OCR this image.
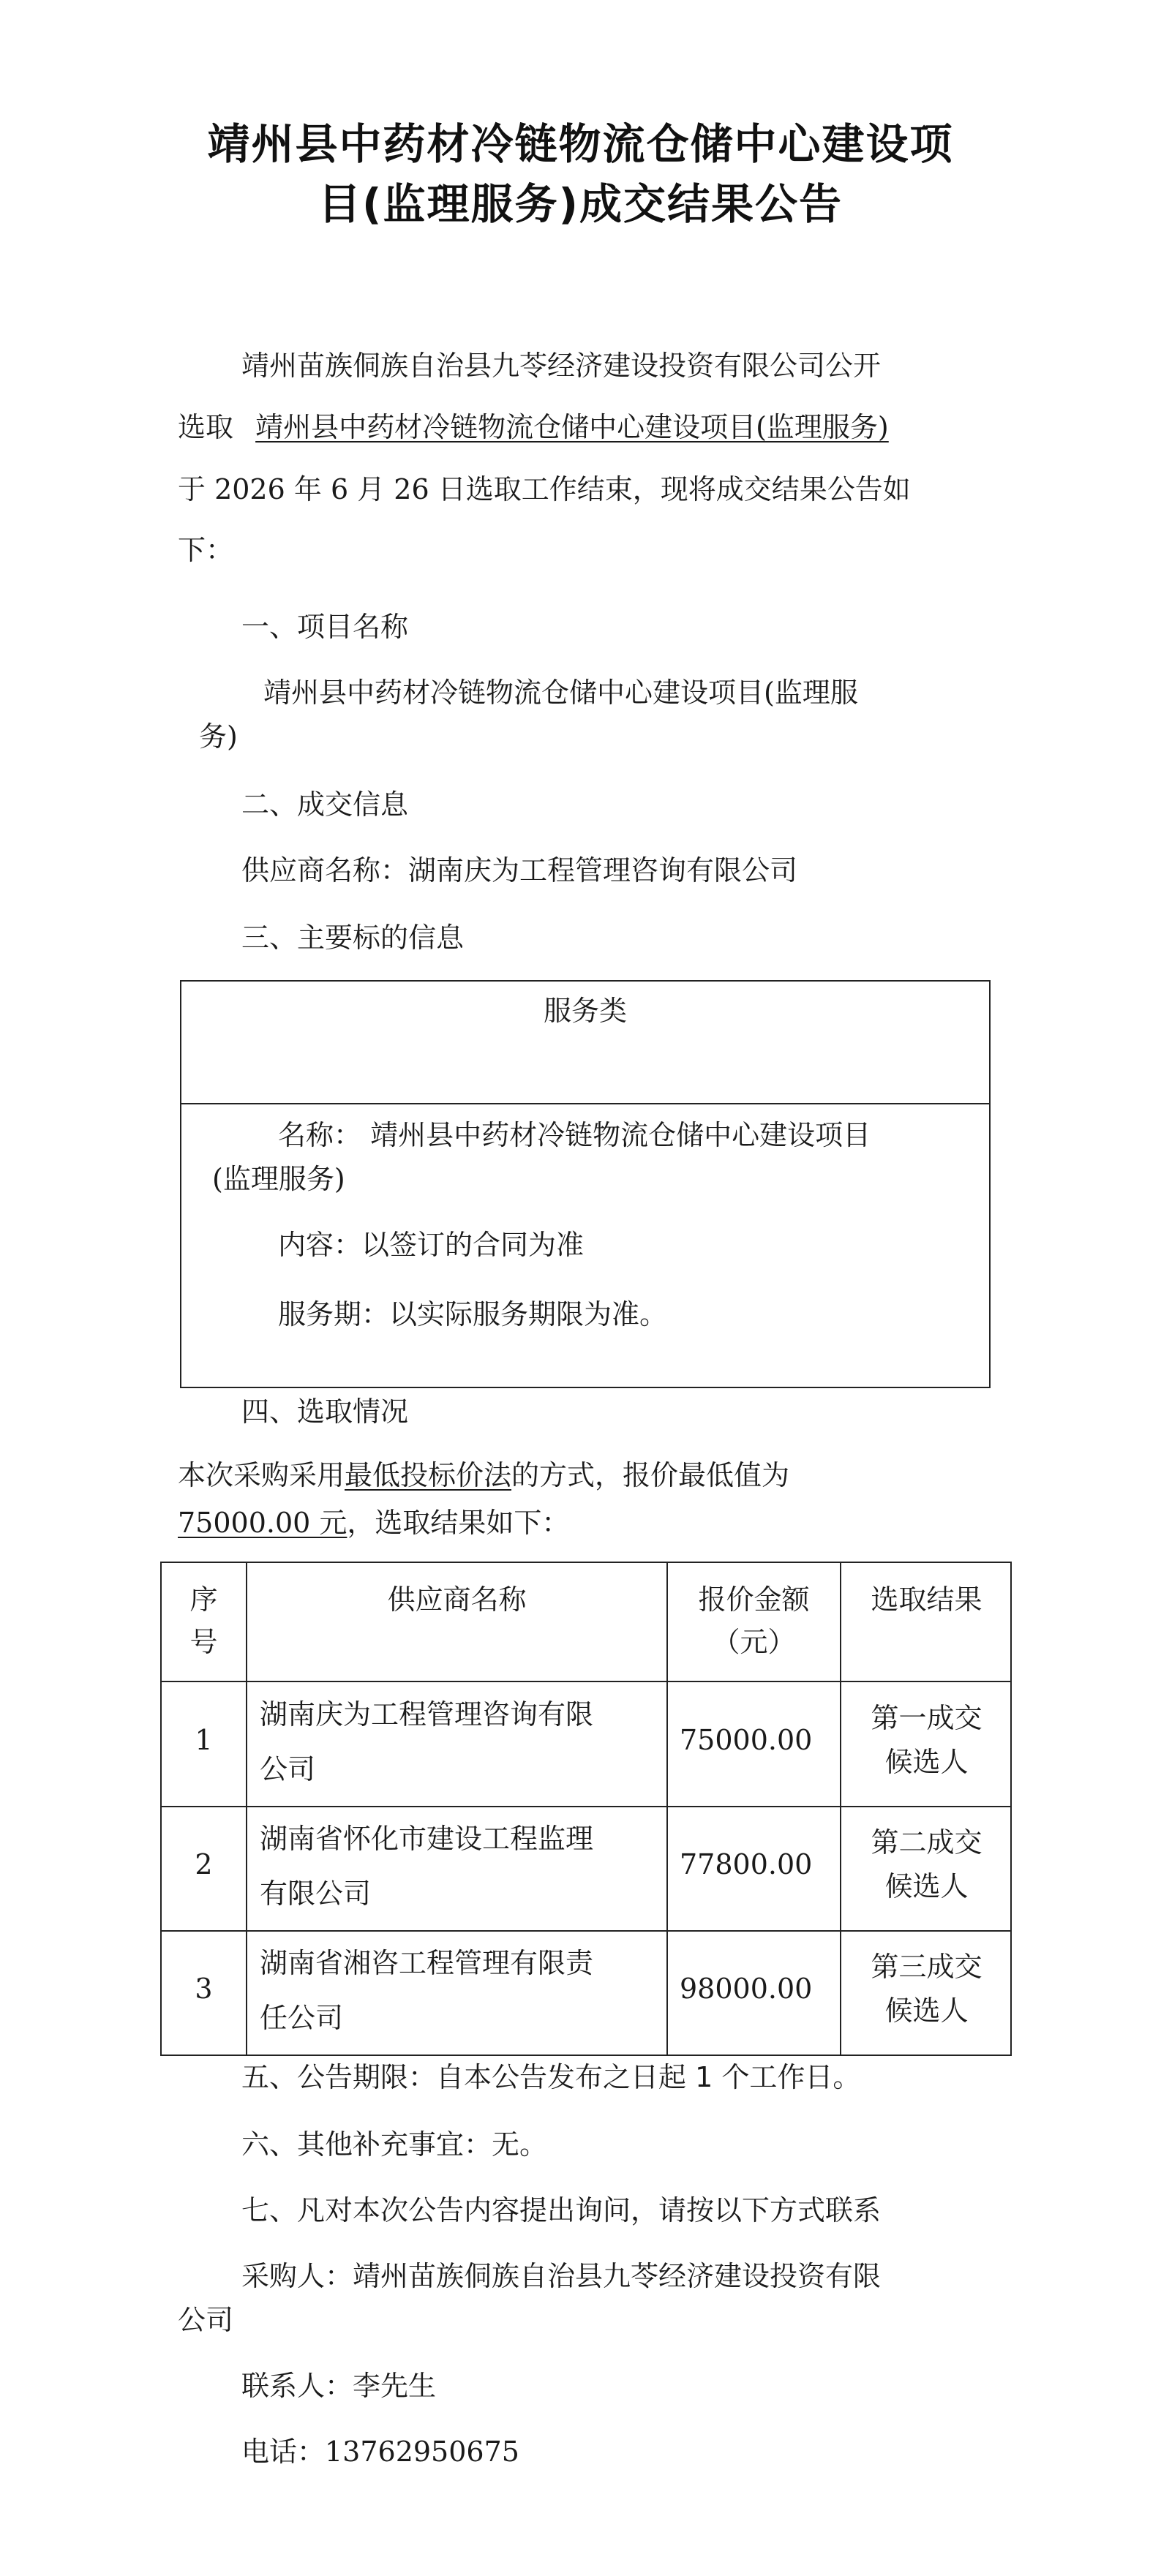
靖州县中药材冷链物流仓储中心建设项
目(监理服务)成交结果公告
靖州苗族侗族自治县九苓经济建设投资有限公司公开
选取 靖州县中药材冷链物流仓储中心建设项目(监理服务)
于 2026 年 6 月 26 日选取工作结束，现将成交结果公告如
下：
一、项目名称
靖州县中药材冷链物流仓储中心建设项目(监理服
务)
二、成交信息
供应商名称：湖南庆为工程管理咨询有限公司
三、主要标的信息
服务类
名称： 靖州县中药材冷链物流仓储中心建设项目
(监理服务)
内容：以签订的合同为准
服务期：以实际服务期限为准。
四、选取情况
本次采购采用最低投标价法的方式，报价最低值为
75000.00 元，选取结果如下：
序
号
供应商名称	报价金额
（元）
选取结果
1
湖南庆为工程管理咨询有限
公司
75000.00
第一成交
候选人
2
湖南省怀化市建设工程监理
有限公司
77800.00
第二成交
候选人
3
湖南省湘咨工程管理有限责
任公司
98000.00
第三成交
候选人
五、公告期限：自本公告发布之日起 1 个工作日。
六、其他补充事宜：无。
七、凡对本次公告内容提出询问，请按以下方式联系
采购人：靖州苗族侗族自治县九苓经济建设投资有限
公司
联系人：李先生
电话：13762950675
